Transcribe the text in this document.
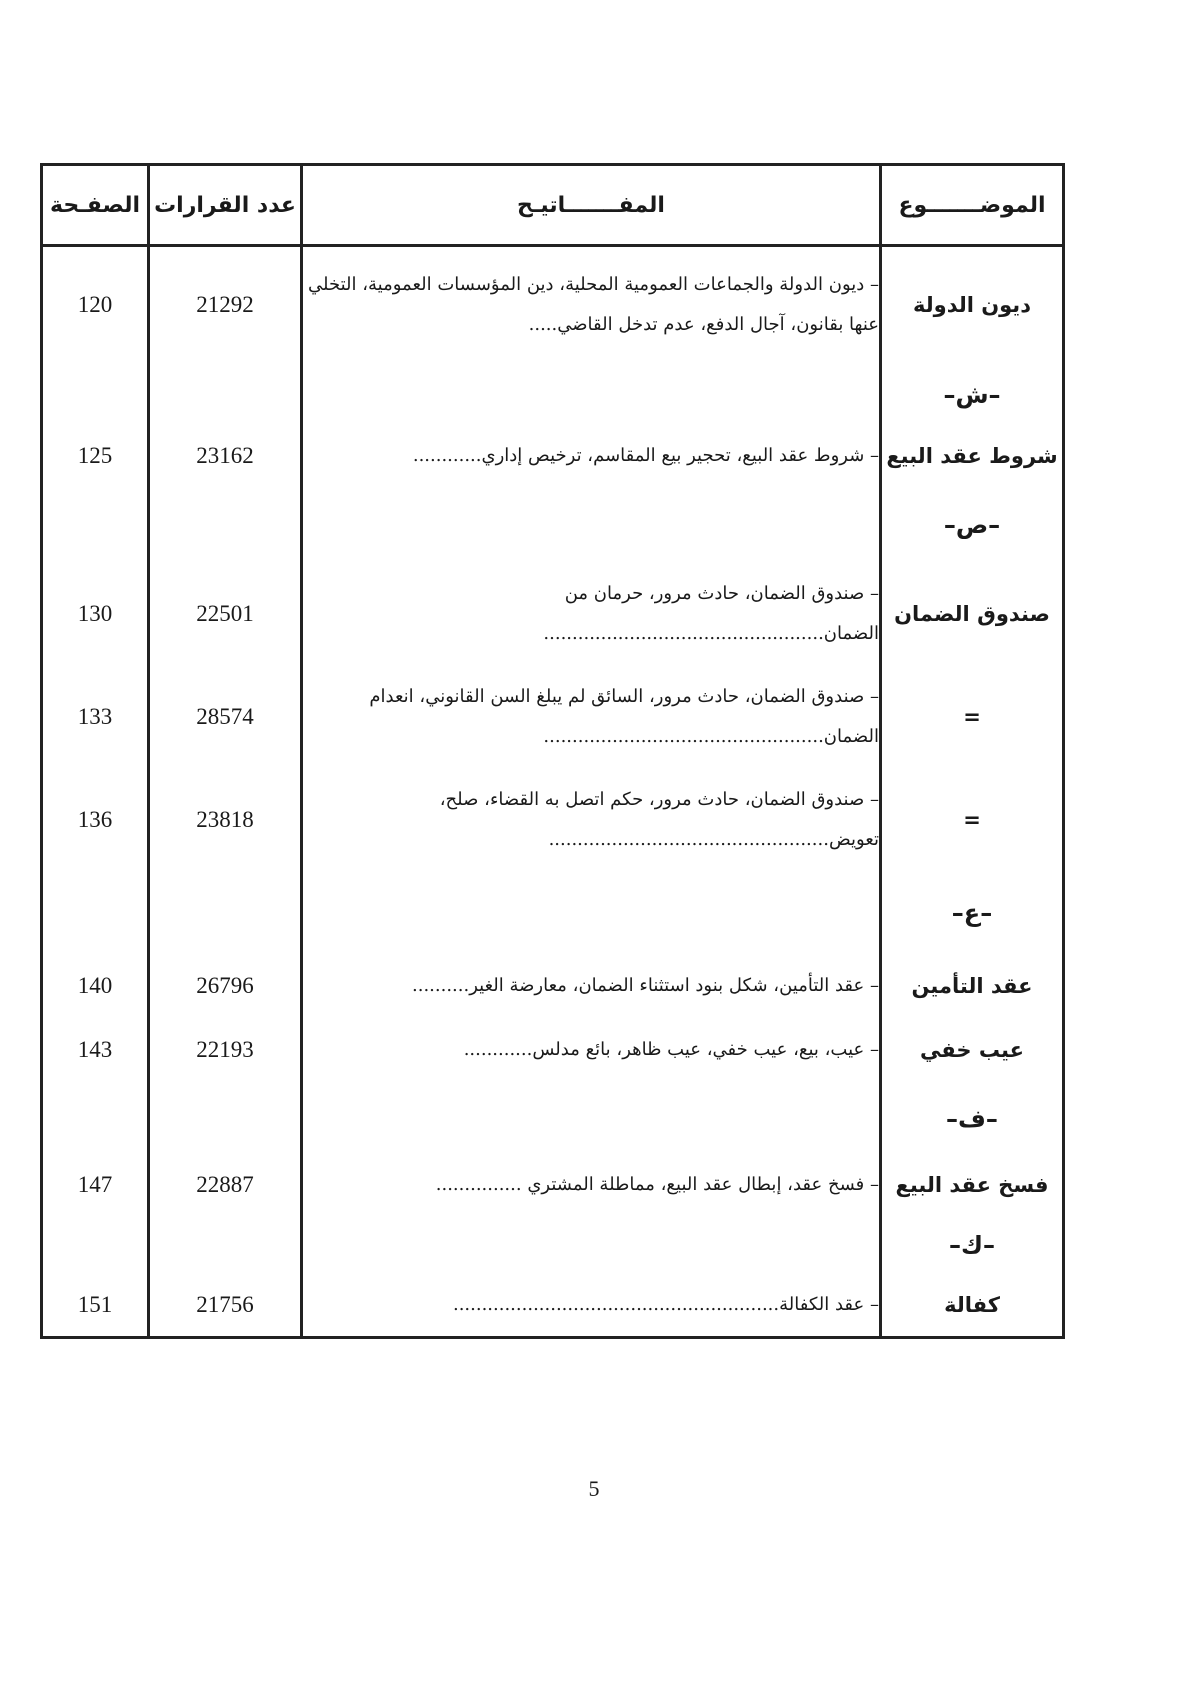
الموضـــــــوع	المفـــــــاتيـح	عدد القرارات	الصفـحة
ديون الدولة	– ديون الدولة والجماعات العمومية المحلية، دين المؤسسات العمومية، التخلي عنها بقانون، آجال الدفع، عدم تدخل القاضي.....	21292	120
–ش–			
شروط عقد البيع	– شروط عقد البيع، تحجير بيع المقاسم، ترخيص إداري............	23162	125
–ص–			
صندوق الضمان	– صندوق الضمان، حادث مرور، حرمان من الضمان.................................................	22501	130
=	– صندوق الضمان، حادث مرور، السائق لم يبلغ السن القانوني، انعدام الضمان.................................................	28574	133
=	– صندوق الضمان، حادث مرور، حكم اتصل به القضاء، صلح، تعويض.................................................	23818	136
–ع–			
عقد التأمين	– عقد التأمين، شكل بنود استثناء الضمان، معارضة الغير..........	26796	140
عيب خفي	– عيب، بيع، عيب خفي، عيب ظاهر، بائع مدلس............	22193	143
–ف–			
فسخ عقد البيع	– فسخ عقد، إبطال عقد البيع، مماطلة المشتري ...............	22887	147
–ك–			
كفالة	– عقد الكفالة.........................................................	21756	151
5
